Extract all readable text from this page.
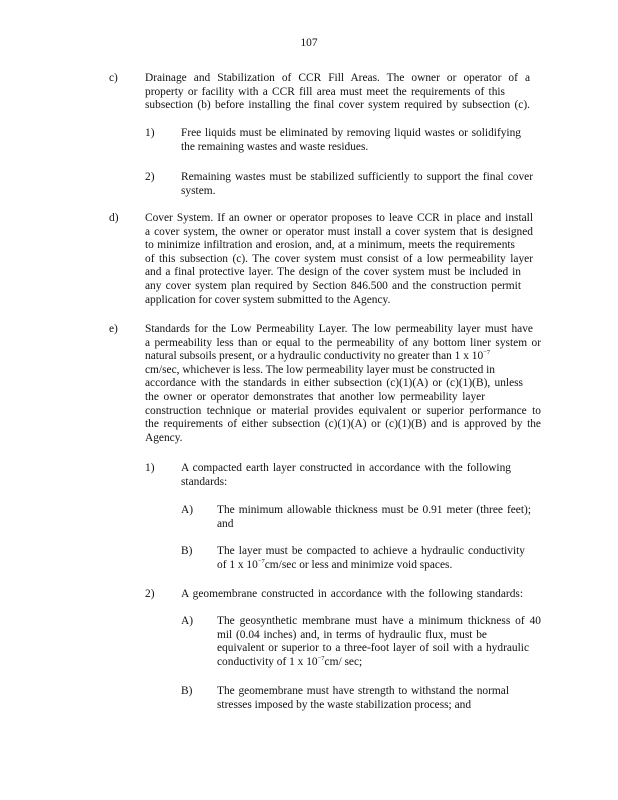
107
c) Drainage and Stabilization of CCR Fill Areas. The owner or operator of a
property or facility with a CCR fill area must meet the requirements of this
subsection (b) before installing the final cover system required by subsection (c).
1) Free liquids must be eliminated by removing liquid wastes or solidifying
the remaining wastes and waste residues.
2) Remaining wastes must be stabilized sufficiently to support the final cover
system.
d) Cover System. If an owner or operator proposes to leave CCR in place and install
a cover system, the owner or operator must install a cover system that is designed
to minimize infiltration and erosion, and, at a minimum, meets the requirements
of this subsection (c). The cover system must consist of a low permeability layer
and a final protective layer. The design of the cover system must be included in
any cover system plan required by Section 846.500 and the construction permit
application for cover system submitted to the Agency.
e) Standards for the Low Permeability Layer. The low permeability layer must have
a permeability less than or equal to the permeability of any bottom liner system or
natural subsoils present, or a hydraulic conductivity no greater than 1 x $10^{-7}$
cm/sec, whichever is less. The low permeability layer must be constructed in
accordance with the standards in either subsection (c)(1)(A) or (c)(1)(B), unless
the owner or operator demonstrates that another low permeability layer
construction technique or material provides equivalent or superior performance to
the requirements of either subsection (c)(1)(A) or (c)(1)(B) and is approved by the
Agency.
1) A compacted earth layer constructed in accordance with the following
standards:
A) The minimum allowable thickness must be 0.91 meter (three feet);
and
B) The layer must be compacted to achieve a hydraulic conductivity
of 1 x $10^{-7}cm/\sec$ or less and minimize void spaces.
2) A geomembrane constructed in accordance with the following standards:
A) The geosynthetic membrane must have a minimum thickness of 40
mil (0.04 inches) and, in terms of hydraulic flux, must be
equivalent or superior to a three-foot layer of soil with a hydraulic
conductivity of 1 x $10^{-7}cm/$ sec;
B) The geomembrane must have strength to withstand the normal
stresses imposed by the waste stabilization process; and
